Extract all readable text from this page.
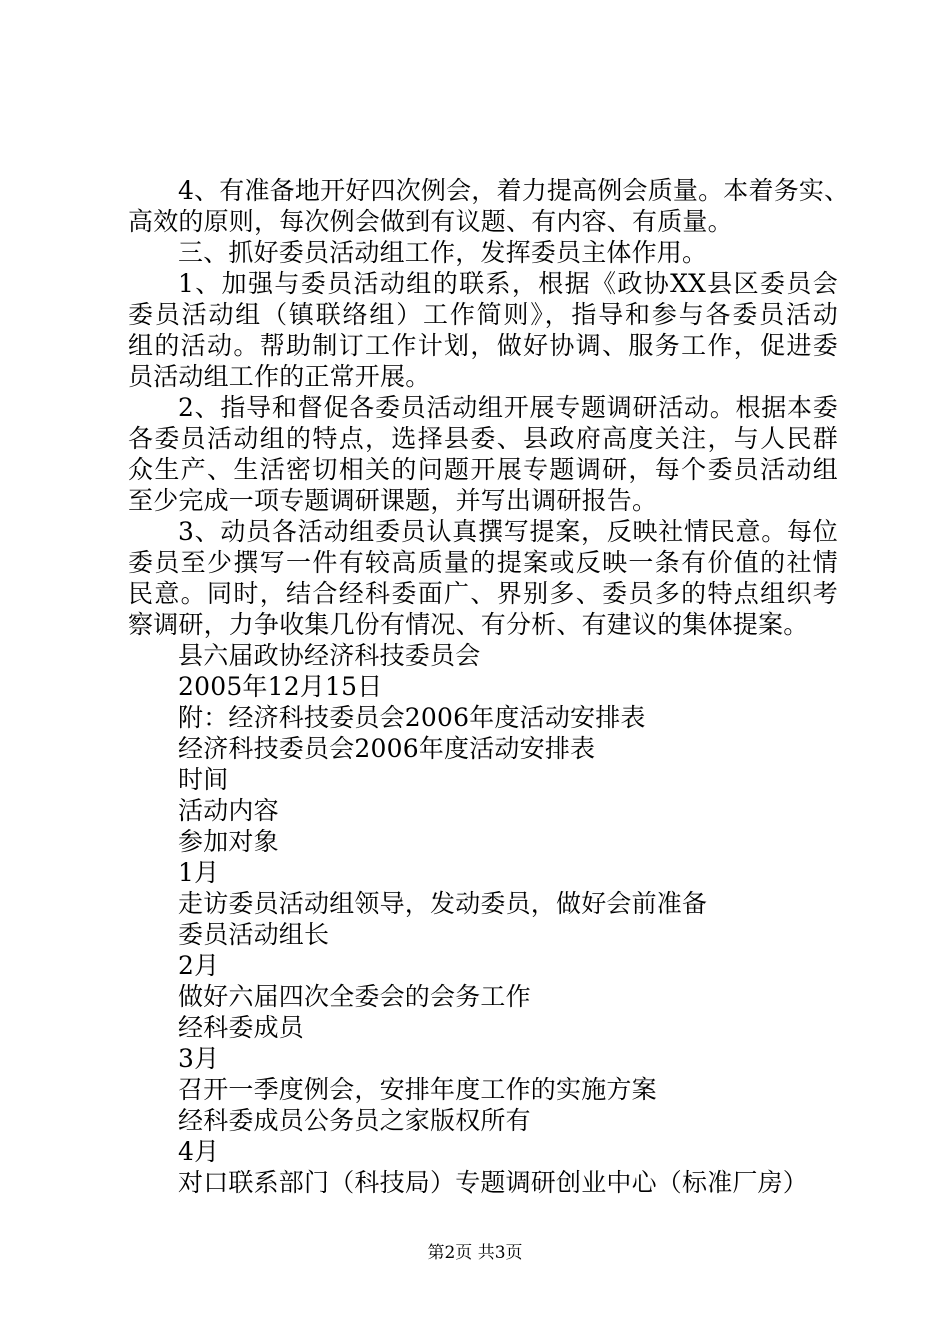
4、有准备地开好四次例会，着力提高例会质量。本着务实、
高效的原则，每次例会做到有议题、有内容、有质量。
三、抓好委员活动组工作，发挥委员主体作用。
1、加强与委员活动组的联系，根据《政协XX县区委员会
委员活动组（镇联络组）工作简则》，指导和参与各委员活动
组的活动。帮助制订工作计划，做好协调、服务工作，促进委
员活动组工作的正常开展。
2、指导和督促各委员活动组开展专题调研活动。根据本委
各委员活动组的特点，选择县委、县政府高度关注，与人民群
众生产、生活密切相关的问题开展专题调研，每个委员活动组
至少完成一项专题调研课题，并写出调研报告。
3、动员各活动组委员认真撰写提案，反映社情民意。每位
委员至少撰写一件有较高质量的提案或反映一条有价值的社情
民意。同时，结合经科委面广、界别多、委员多的特点组织考
察调研，力争收集几份有情况、有分析、有建议的集体提案。
县六届政协经济科技委员会
2005年12月15日
附：经济科技委员会2006年度活动安排表
经济科技委员会2006年度活动安排表
时间
活动内容
参加对象
1月
走访委员活动组领导，发动委员，做好会前准备
委员活动组长
2月
做好六届四次全委会的会务工作
经科委成员
3月
召开一季度例会，安排年度工作的实施方案
经科委成员公务员之家版权所有
4月
对口联系部门（科技局）专题调研创业中心（标准厂房）
第2页 共3页
